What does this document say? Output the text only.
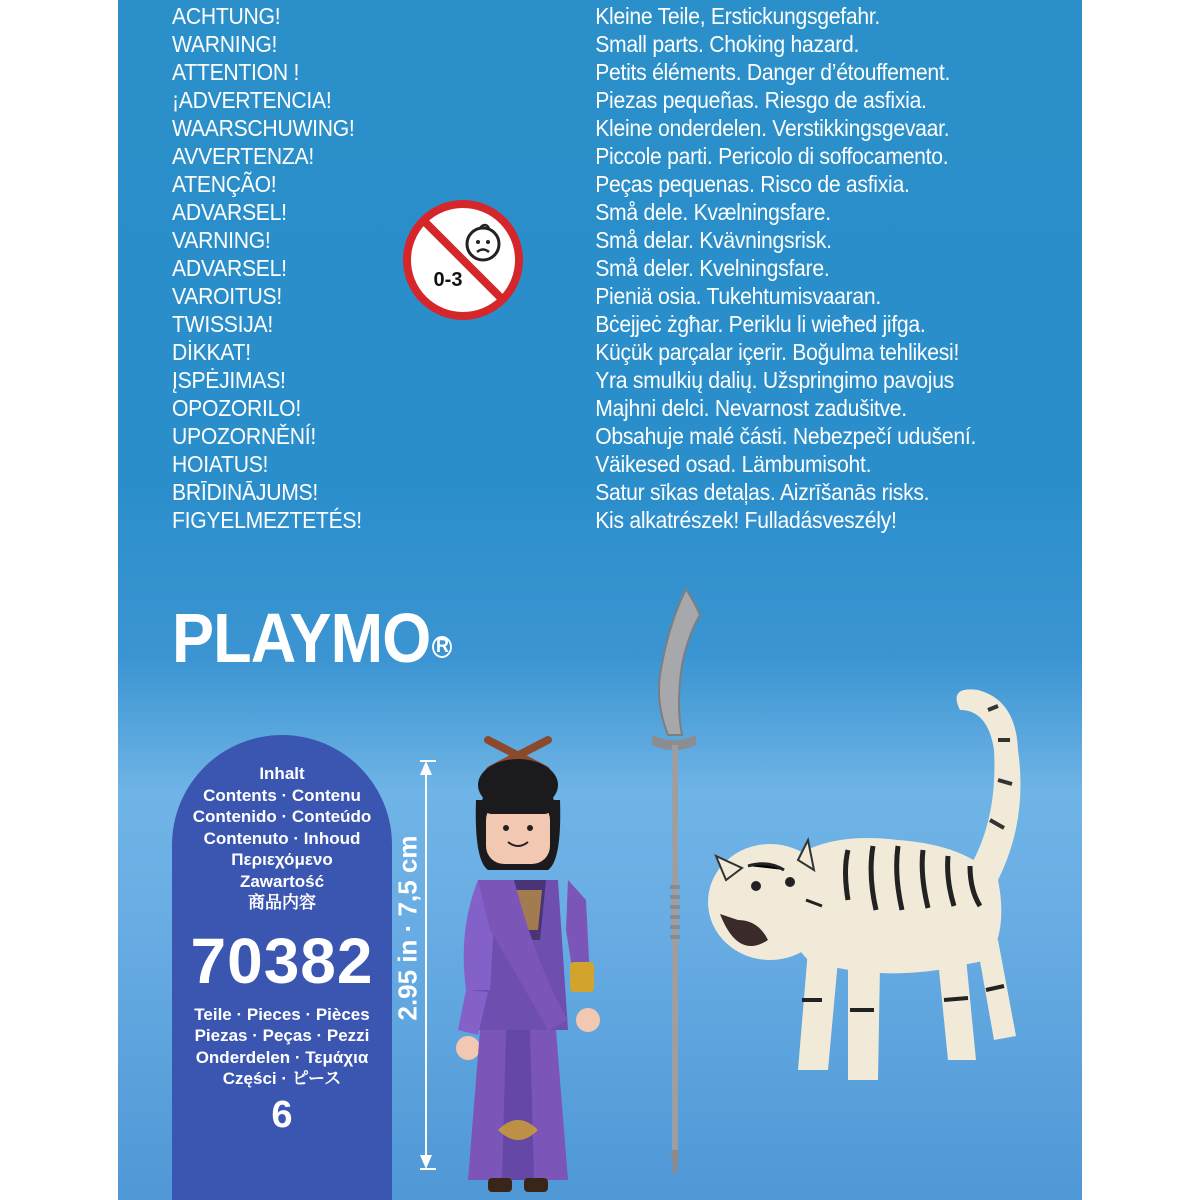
ACHTUNG!	Kleine Teile, Erstickungsgefahr.
WARNING!	Small parts. Choking hazard.
ATTENTION !	Petits éléments. Danger d’étouffement.
¡ADVERTENCIA!	Piezas pequeñas. Riesgo de asfixia.
WAARSCHUWING!	Kleine onderdelen. Verstikkingsgevaar.
AVVERTENZA!	Piccole parti. Pericolo di soffocamento.
ATENÇÃO!	Peças pequenas. Risco de asfixia.
ADVARSEL!	Små dele. Kvælningsfare.
VARNING!	Små delar. Kvävningsrisk.
ADVARSEL!	Små deler. Kvelningsfare.
VAROITUS!	Pieniä osia. Tukehtumisvaaran.
TWISSIJA!	Bċejjeċ żgħar. Periklu li wieħed jifga.
DİKKAT!	Küçük parçalar içerir. Boğulma tehlikesi!
ĮSPĖJIMAS!	Yra smulkių dalių. Užspringimo pavojus
OPOZORILO!	Majhni delci. Nevarnost zadušitve.
UPOZORNĚNÍ!	Obsahuje malé části. Nebezpečí udušení.
HOIATUS!	Väikesed osad. Lämbumisoht.
BRĪDINĀJUMS!	Satur sīkas detaļas. Aizrīšanās risks.
FIGYELMEZTETÉS!	Kis alkatrészek! Fulladásveszély!
0-3
PLAYMO R
Inhalt
Contents · Contenu
Contenido · Conteúdo
Contenuto · Inhoud
Περιεχόμενο
Zawartość
商品内容
70382
Teile · Pieces · Pièces
Piezas · Peças · Pezzi
Onderdelen · Τεμάχια
Części · ピース
6
2.95 in · 7,5 cm
